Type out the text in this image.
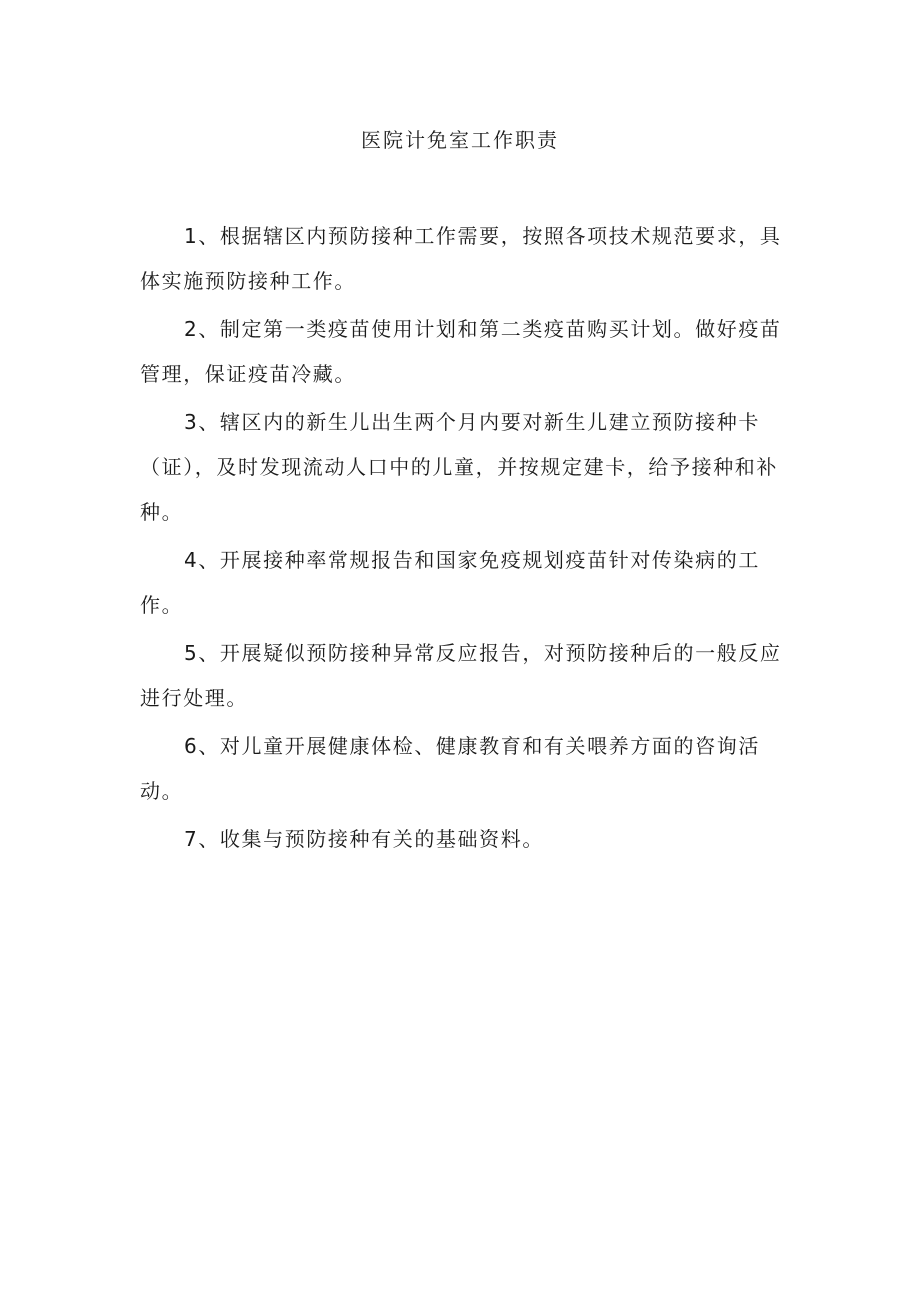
医院计免室工作职责

1、根据辖区内预防接种工作需要，按照各项技术规范要求，具体实施预防接种工作。

2、制定第一类疫苗使用计划和第二类疫苗购买计划。做好疫苗管理，保证疫苗冷藏。

3、辖区内的新生儿出生两个月内要对新生儿建立预防接种卡（证），及时发现流动人口中的儿童，并按规定建卡，给予接种和补种。

4、开展接种率常规报告和国家免疫规划疫苗针对传染病的工作。

5、开展疑似预防接种异常反应报告，对预防接种后的一般反应进行处理。

6、对儿童开展健康体检、健康教育和有关喂养方面的咨询活动。

7、收集与预防接种有关的基础资料。
